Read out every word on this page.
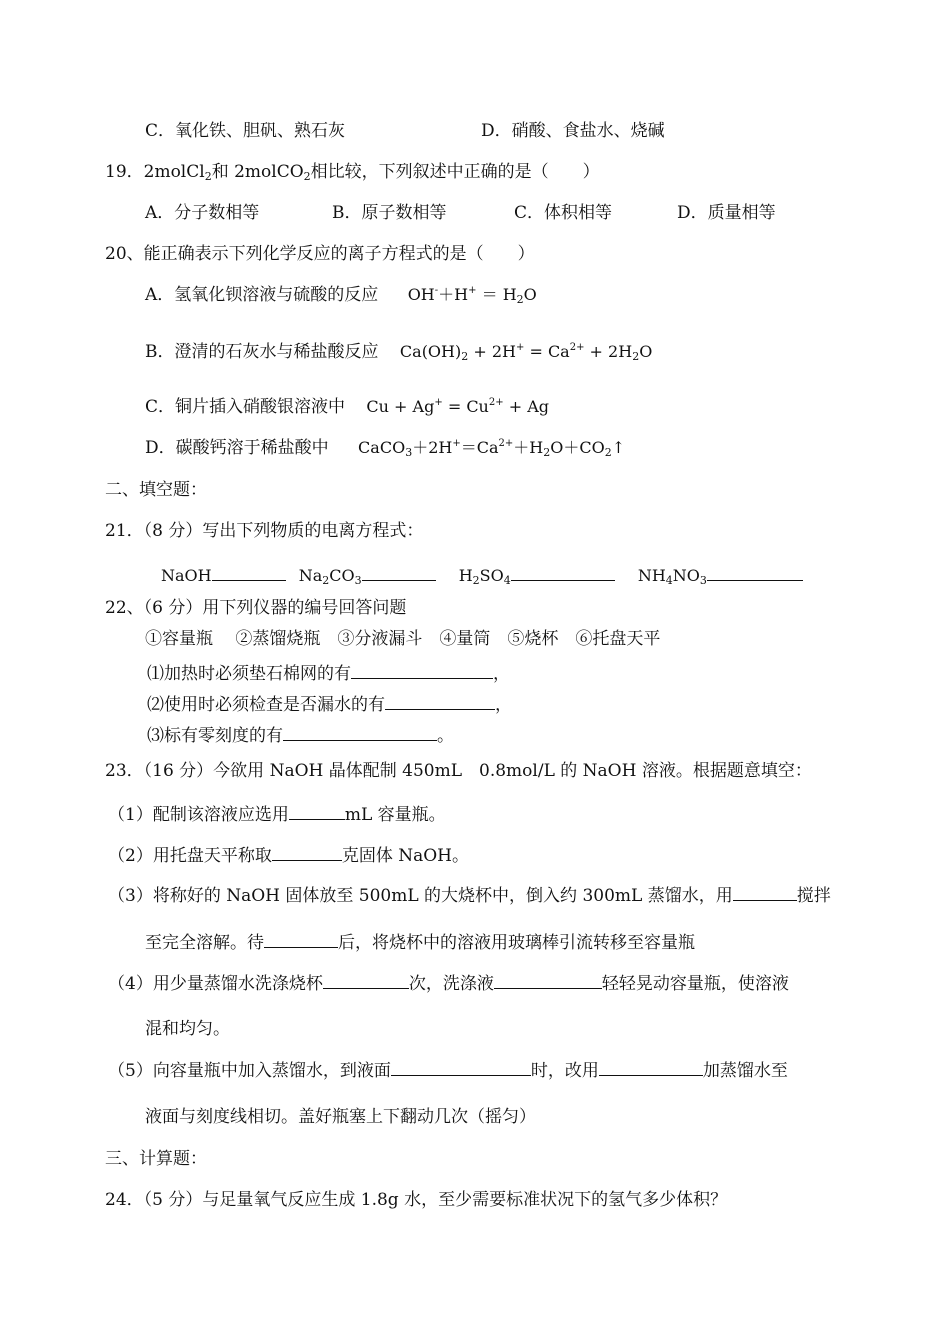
C．氧化铁、胆矾、熟石灰	D．硝酸、食盐水、烧碱
19．2molCl$_2$和 2molCO$_2$相比较，下列叙述中正确的是（　　）
A．分子数相等	B．原子数相等	C．体积相等	D．质量相等
20、能正确表示下列化学反应的离子方程式的是（　　）
A．氢氧化钡溶液与硫酸的反应 $OH^-+H^+ = H_2O$
B．澄清的石灰水与稀盐酸反应 $Ca(OH)_2 + 2H^+ = Ca^{2+} + 2H_2O$
C．铜片插入硝酸银溶液中 $Cu + Ag^+ = Cu^{2+} + Ag$
D．碳酸钙溶于稀盐酸中 $CaCO_3+2H^+=Ca^{2+}+H_2O+CO_2↑$
二、填空题：
21．（8 分）写出下列物质的电离方程式：
NaOH	$Na_2CO_3$	$H_2SO_4$	$NH_4NO_3$
22、（6 分）用下列仪器的编号回答问题
①容量瓶　 ②蒸馏烧瓶　③分液漏斗　④量筒　⑤烧杯　⑥托盘天平
⑴加热时必须垫石棉网的有	，
⑵使用时必须检查是否漏水的有	，
⑶标有零刻度的有	。
23．（16 分）今欲用 NaOH 晶体配制 450mL　0.8mol/L 的 NaOH 溶液。根据题意填空：
（1）配制该溶液应选用	mL 容量瓶。
（2）用托盘天平称取	克固体 NaOH。
（3）将称好的 NaOH 固体放至 500mL 的大烧杯中，倒入约 300mL 蒸馏水，用	搅拌
至完全溶解。待	后，将烧杯中的溶液用玻璃棒引流转移至容量瓶
（4）用少量蒸馏水洗涤烧杯	次，洗涤液	轻轻晃动容量瓶，使溶液
混和均匀。
（5）向容量瓶中加入蒸馏水，到液面	时，改用	加蒸馏水至
液面与刻度线相切。盖好瓶塞上下翻动几次（摇匀）
三、计算题：
24．（5 分）与足量氧气反应生成 1.8g 水，至少需要标准状况下的氢气多少体积？
